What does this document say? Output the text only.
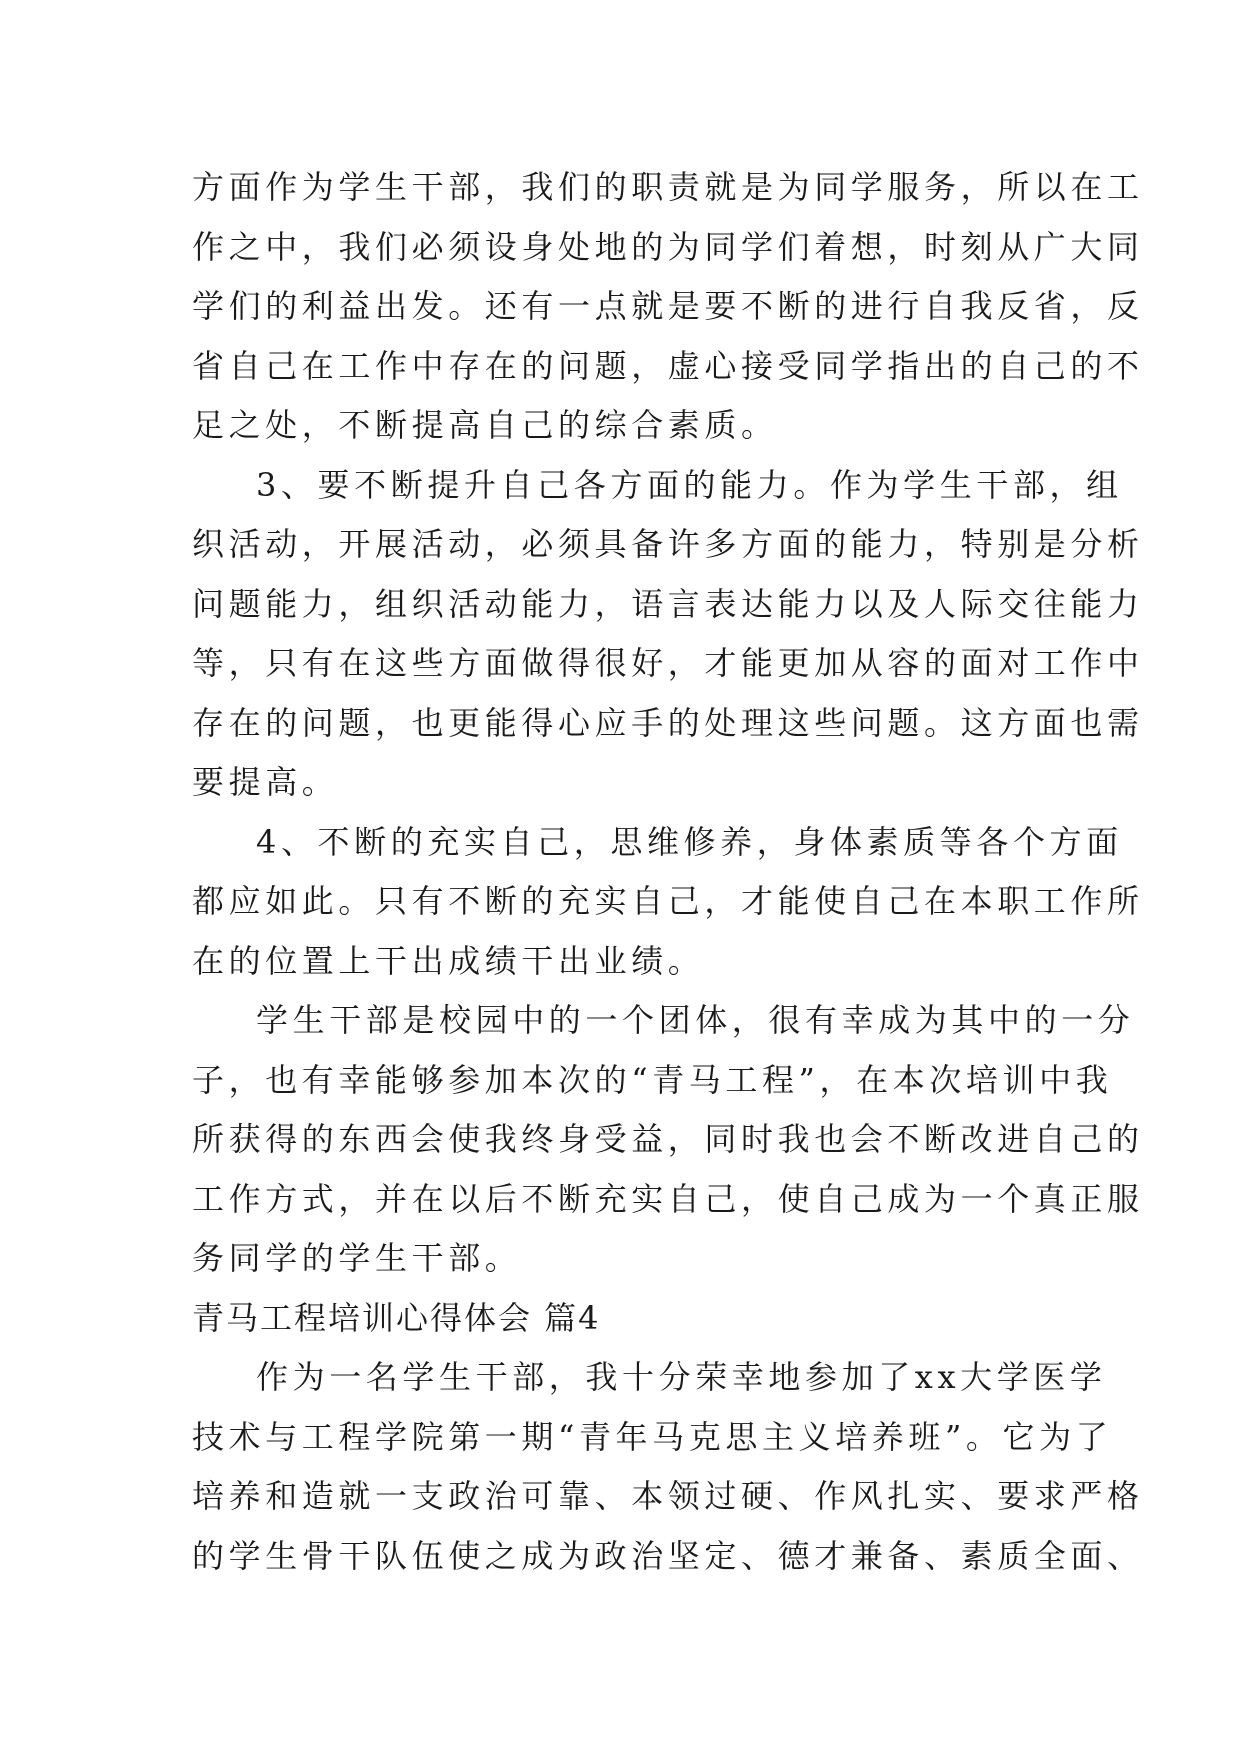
方面作为学生干部，我们的职责就是为同学服务，所以在工
作之中，我们必须设身处地的为同学们着想，时刻从广大同
学们的利益出发。还有一点就是要不断的进行自我反省，反
省自己在工作中存在的问题，虚心接受同学指出的自己的不
足之处，不断提高自己的综合素质。
3、要不断提升自己各方面的能力。作为学生干部，组
织活动，开展活动，必须具备许多方面的能力，特别是分析
问题能力，组织活动能力，语言表达能力以及人际交往能力
等，只有在这些方面做得很好，才能更加从容的面对工作中
存在的问题，也更能得心应手的处理这些问题。这方面也需
要提高。
4、不断的充实自己，思维修养，身体素质等各个方面
都应如此。只有不断的充实自己，才能使自己在本职工作所
在的位置上干出成绩干出业绩。
学生干部是校园中的一个团体，很有幸成为其中的一分
子，也有幸能够参加本次的“青马工程”，在本次培训中我
所获得的东西会使我终身受益，同时我也会不断改进自己的
工作方式，并在以后不断充实自己，使自己成为一个真正服
务同学的学生干部。
青马工程培训心得体会 篇4
作为一名学生干部，我十分荣幸地参加了xx大学医学
技术与工程学院第一期“青年马克思主义培养班”。它为了
培养和造就一支政治可靠、本领过硬、作风扎实、要求严格
的学生骨干队伍使之成为政治坚定、德才兼备、素质全面、
